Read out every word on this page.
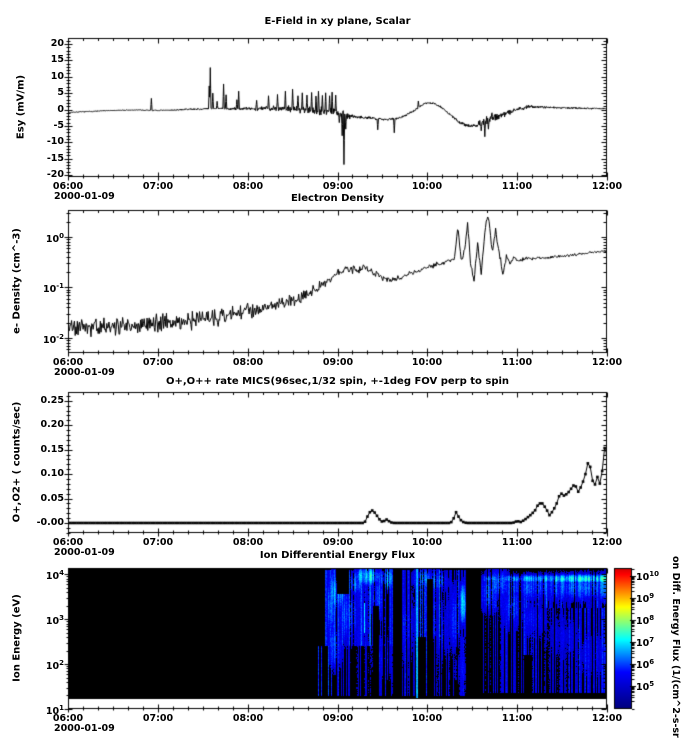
E-Field in xy plane, Scalar
Electron Density
O+,O++ rate MICS(96sec,1/32 spin, +-1deg FOV perp to spin
Ion Differential Energy Flux
Esy (mV/m)
e- Density (cm^-3)
O+,O2+ ( counts/sec)
Ion Energy (eV)
2000-01-09
2000-01-09
2000-01-09
2000-01-09	on Diff. Energy Flux (1/(cm^2-s-sr
20
15
10
5
0
-5
-10
-15
-20
06:00	07:00	08:00	09:00	10:00	11:00	12:00
$10^0$
$10^{-1}$
$10^{-2}$
06:00	07:00	08:00	09:00	10:00	11:00	12:00
0.25
0.20
0.15
0.10
0.05
-0.00
06:00	07:00	08:00	09:00	10:00	11:00	12:00
$10^4$
$10^3$
$10^2$
$10^1$
06:00	07:00	08:00	09:00	10:00	11:00	12:00
$10^{10}$
$10^9$
$10^8$
$10^7$
$10^6$
$10^5$
